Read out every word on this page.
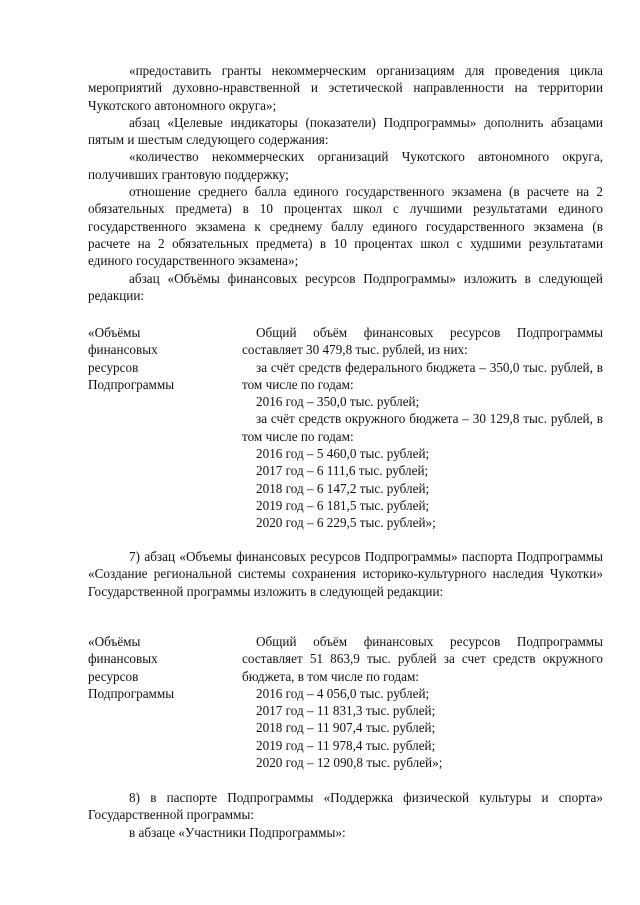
«предоставить гранты некоммерческим организациям для проведения цикла мероприятий духовно-нравственной и эстетической направленности на территории Чукотского автономного округа»;

абзац «Целевые индикаторы (показатели) Подпрограммы» дополнить абзацами пятым и шестым следующего содержания:

«количество некоммерческих организаций Чукотского автономного округа, получивших грантовую поддержку;

отношение среднего балла единого государственного экзамена (в расчете на 2 обязательных предмета) в 10 процентах школ с лучшими результатами единого государственного экзамена к среднему баллу единого государственного экзамена (в расчете на 2 обязательных предмета) в 10 процентах школ с худшими результатами единого государственного экзамена»;

абзац «Объёмы финансовых ресурсов Подпрограммы» изложить в следующей редакции:

«Объёмы
финансовых
ресурсов
Подпрограммы

Общий объём финансовых ресурсов Подпрограммы составляет 30 479,8 тыс. рублей, из них:

за счёт средств федерального бюджета – 350,0 тыс. рублей, в том числе по годам:

2016 год – 350,0 тыс. рублей;

за счёт средств окружного бюджета – 30 129,8 тыс. рублей, в том числе по годам:

2016 год – 5 460,0 тыс. рублей;
2017 год – 6 111,6 тыс. рублей;
2018 год – 6 147,2 тыс. рублей;
2019 год – 6 181,5 тыс. рублей;
2020 год – 6 229,5 тыс. рублей»;

7) абзац «Объемы финансовых ресурсов Подпрограммы» паспорта Подпрограммы «Создание региональной системы сохранения историко-культурного наследия Чукотки» Государственной программы изложить в следующей редакции:

«Объёмы
финансовых
ресурсов
Подпрограммы

Общий объём финансовых ресурсов Подпрограммы составляет 51 863,9 тыс. рублей за счет средств окружного бюджета, в том числе по годам:

2016 год – 4 056,0 тыс. рублей;
2017 год – 11 831,3 тыс. рублей;
2018 год – 11 907,4 тыс. рублей;
2019 год – 11 978,4 тыс. рублей;
2020 год – 12 090,8 тыс. рублей»;

8) в паспорте Подпрограммы «Поддержка физической культуры и спорта» Государственной программы:

в абзаце «Участники Подпрограммы»:
